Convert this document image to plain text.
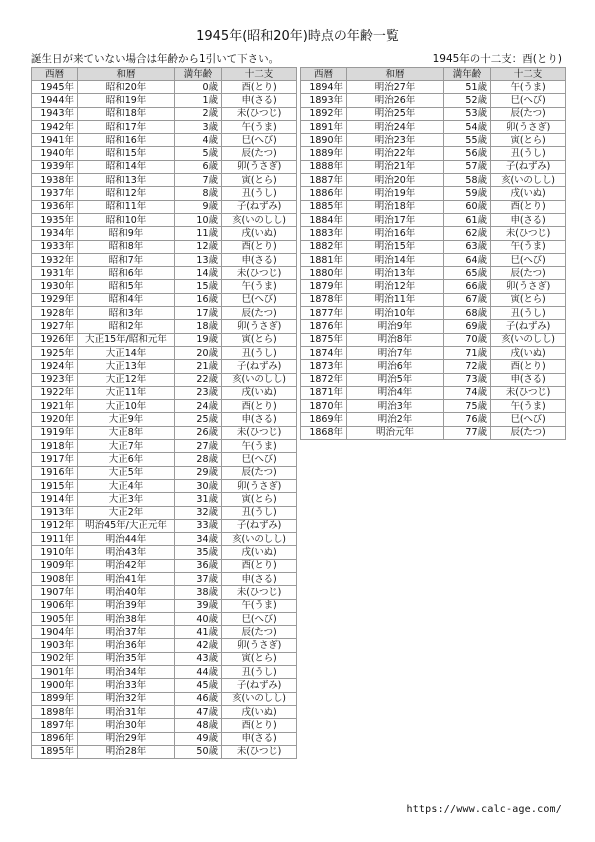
1945年(昭和20年)時点の年齢一覧
誕生日が来ていない場合は年齢から1引いて下さい。	1945年の十二支：酉(とり)
西暦	和暦	満年齢	十二支
1945年	昭和20年	0歳	酉(とり)
1944年	昭和19年	1歳	申(さる)
1943年	昭和18年	2歳	未(ひつじ)
1942年	昭和17年	3歳	午(うま)
1941年	昭和16年	4歳	巳(へび)
1940年	昭和15年	5歳	辰(たつ)
1939年	昭和14年	6歳	卯(うさぎ)
1938年	昭和13年	7歳	寅(とら)
1937年	昭和12年	8歳	丑(うし)
1936年	昭和11年	9歳	子(ねずみ)
1935年	昭和10年	10歳	亥(いのしし)
1934年	昭和9年	11歳	戌(いぬ)
1933年	昭和8年	12歳	酉(とり)
1932年	昭和7年	13歳	申(さる)
1931年	昭和6年	14歳	未(ひつじ)
1930年	昭和5年	15歳	午(うま)
1929年	昭和4年	16歳	巳(へび)
1928年	昭和3年	17歳	辰(たつ)
1927年	昭和2年	18歳	卯(うさぎ)
1926年	大正15年/昭和元年	19歳	寅(とら)
1925年	大正14年	20歳	丑(うし)
1924年	大正13年	21歳	子(ねずみ)
1923年	大正12年	22歳	亥(いのしし)
1922年	大正11年	23歳	戌(いぬ)
1921年	大正10年	24歳	酉(とり)
1920年	大正9年	25歳	申(さる)
1919年	大正8年	26歳	未(ひつじ)
1918年	大正7年	27歳	午(うま)
1917年	大正6年	28歳	巳(へび)
1916年	大正5年	29歳	辰(たつ)
1915年	大正4年	30歳	卯(うさぎ)
1914年	大正3年	31歳	寅(とら)
1913年	大正2年	32歳	丑(うし)
1912年	明治45年/大正元年	33歳	子(ねずみ)
1911年	明治44年	34歳	亥(いのしし)
1910年	明治43年	35歳	戌(いぬ)
1909年	明治42年	36歳	酉(とり)
1908年	明治41年	37歳	申(さる)
1907年	明治40年	38歳	未(ひつじ)
1906年	明治39年	39歳	午(うま)
1905年	明治38年	40歳	巳(へび)
1904年	明治37年	41歳	辰(たつ)
1903年	明治36年	42歳	卯(うさぎ)
1902年	明治35年	43歳	寅(とら)
1901年	明治34年	44歳	丑(うし)
1900年	明治33年	45歳	子(ねずみ)
1899年	明治32年	46歳	亥(いのしし)
1898年	明治31年	47歳	戌(いぬ)
1897年	明治30年	48歳	酉(とり)
1896年	明治29年	49歳	申(さる)
1895年	明治28年	50歳	未(ひつじ)
西暦	和暦	満年齢	十二支
1894年	明治27年	51歳	午(うま)
1893年	明治26年	52歳	巳(へび)
1892年	明治25年	53歳	辰(たつ)
1891年	明治24年	54歳	卯(うさぎ)
1890年	明治23年	55歳	寅(とら)
1889年	明治22年	56歳	丑(うし)
1888年	明治21年	57歳	子(ねずみ)
1887年	明治20年	58歳	亥(いのしし)
1886年	明治19年	59歳	戌(いぬ)
1885年	明治18年	60歳	酉(とり)
1884年	明治17年	61歳	申(さる)
1883年	明治16年	62歳	未(ひつじ)
1882年	明治15年	63歳	午(うま)
1881年	明治14年	64歳	巳(へび)
1880年	明治13年	65歳	辰(たつ)
1879年	明治12年	66歳	卯(うさぎ)
1878年	明治11年	67歳	寅(とら)
1877年	明治10年	68歳	丑(うし)
1876年	明治9年	69歳	子(ねずみ)
1875年	明治8年	70歳	亥(いのしし)
1874年	明治7年	71歳	戌(いぬ)
1873年	明治6年	72歳	酉(とり)
1872年	明治5年	73歳	申(さる)
1871年	明治4年	74歳	未(ひつじ)
1870年	明治3年	75歳	午(うま)
1869年	明治2年	76歳	巳(へび)
1868年	明治元年	77歳	辰(たつ)
https://www.calc-age.com/
